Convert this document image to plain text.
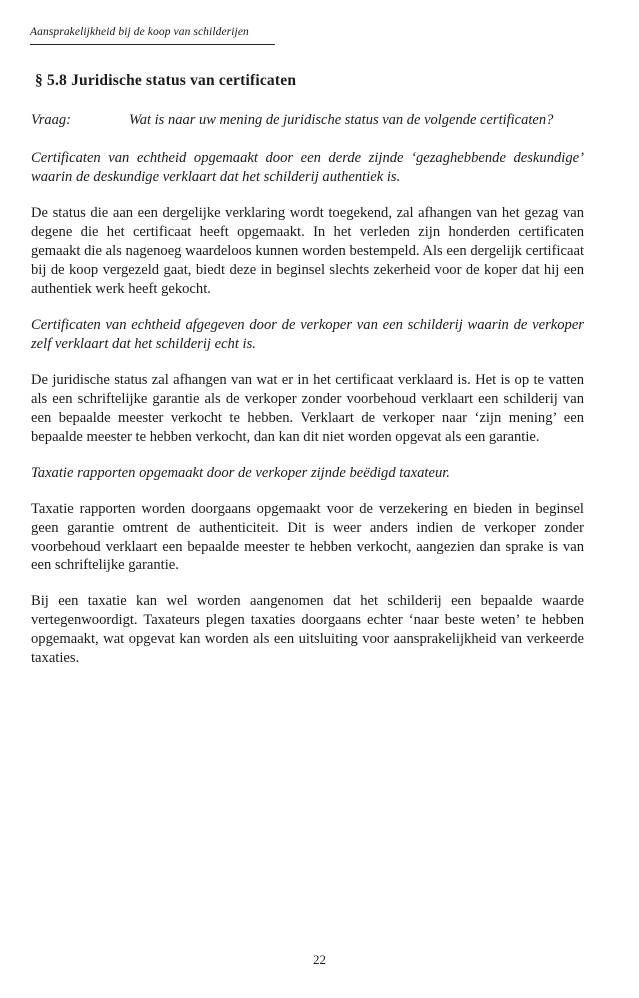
Aansprakelijkheid bij de koop van schilderijen
§ 5.8 Juridische status van certificaten
Vraag:	Wat is naar uw mening de juridische status van de volgende certificaten?

Certificaten van echtheid opgemaakt door een derde zijnde ‘gezaghebbende deskundige’ waarin de deskundige verklaart dat het schilderij authentiek is.

De status die aan een dergelijke verklaring wordt toegekend, zal afhangen van het gezag van degene die het certificaat heeft opgemaakt. In het verleden zijn honderden certificaten gemaakt die als nagenoeg waardeloos kunnen worden bestempeld. Als een dergelijk certificaat bij de koop vergezeld gaat, biedt deze in beginsel slechts zekerheid voor de koper dat hij een authentiek werk heeft gekocht.

Certificaten van echtheid afgegeven door de verkoper van een schilderij waarin de verkoper zelf verklaart dat het schilderij echt is.

De juridische status zal afhangen van wat er in het certificaat verklaard is. Het is op te vatten als een schriftelijke garantie als de verkoper zonder voorbehoud verklaart een schilderij van een bepaalde meester verkocht te hebben. Verklaart de verkoper naar ‘zijn mening’ een bepaalde meester te hebben verkocht, dan kan dit niet worden opgevat als een garantie.

Taxatie rapporten opgemaakt door de verkoper zijnde beëdigd taxateur.

Taxatie rapporten worden doorgaans opgemaakt voor de verzekering en bieden in beginsel geen garantie omtrent de authenticiteit. Dit is weer anders indien de verkoper zonder voorbehoud verklaart een bepaalde meester te hebben verkocht, aangezien dan sprake is van een schriftelijke garantie.

Bij een taxatie kan wel worden aangenomen dat het schilderij een bepaalde waarde vertegenwoordigt. Taxateurs plegen taxaties doorgaans echter ‘naar beste weten’ te hebben opgemaakt, wat opgevat kan worden als een uitsluiting voor aansprakelijkheid van verkeerde taxaties.

22
